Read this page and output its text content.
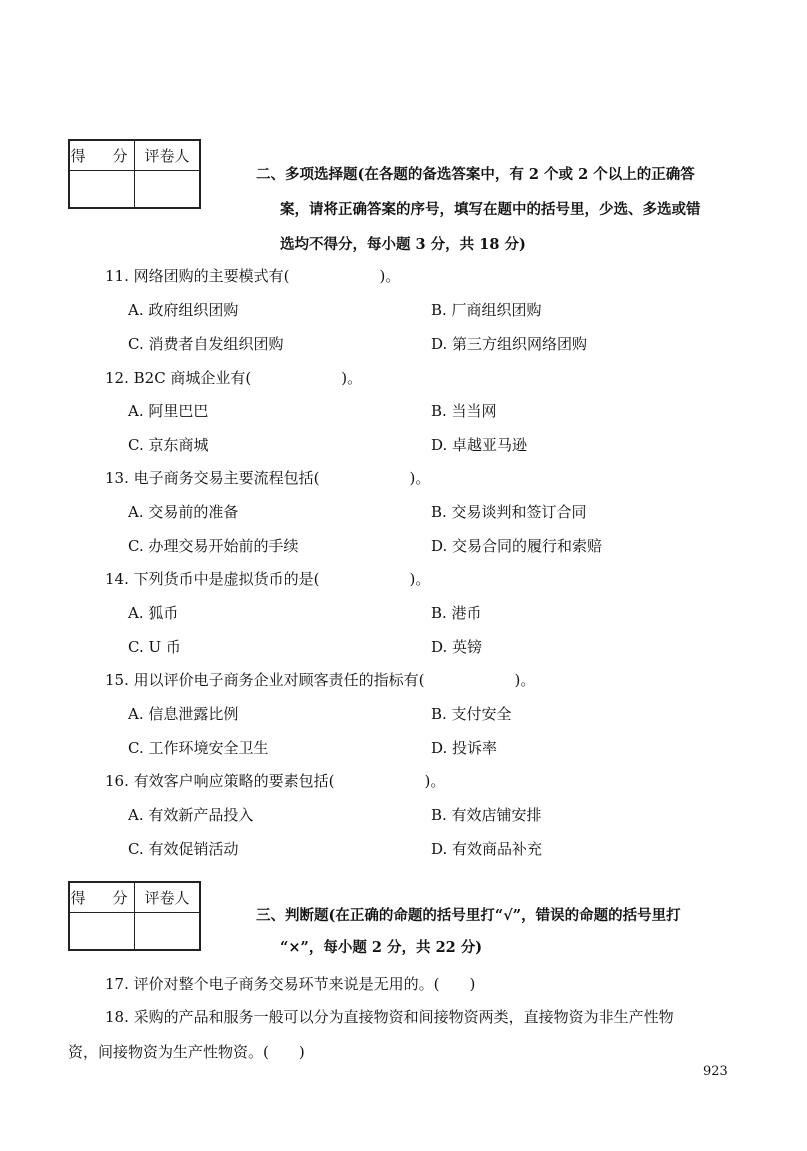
得　分	评卷人

二、多项选择题(在各题的备选答案中，有 2 个或 2 个以上的正确答
案，请将正确答案的序号，填写在题中的括号里，少选、多选或错
选均不得分，每小题 3 分，共 18 分)
11. 网络团购的主要模式有(　　　　　　)。
A. 政府组织团购	B. 厂商组织团购
C. 消费者自发组织团购	D. 第三方组织网络团购
12. B2C 商城企业有(　　　　　　)。
A. 阿里巴巴	B. 当当网
C. 京东商城	D. 卓越亚马逊
13. 电子商务交易主要流程包括(　　　　　　)。
A. 交易前的准备	B. 交易谈判和签订合同
C. 办理交易开始前的手续	D. 交易合同的履行和索赔
14. 下列货币中是虚拟货币的是(　　　　　　)。
A. 狐币	B. 港币
C. U 币	D. 英镑
15. 用以评价电子商务企业对顾客责任的指标有(　　　　　　)。
A. 信息泄露比例	B. 支付安全
C. 工作环境安全卫生	D. 投诉率
16. 有效客户响应策略的要素包括(　　　　　　)。
A. 有效新产品投入	B. 有效店铺安排
C. 有效促销活动	D. 有效商品补充
得　分	评卷人

三、判断题(在正确的命题的括号里打“√”，错误的命题的括号里打
“×”，每小题 2 分，共 22 分)
17. 评价对整个电子商务交易环节来说是无用的。(　　)
18. 采购的产品和服务一般可以分为直接物资和间接物资两类，直接物资为非生产性物
资，间接物资为生产性物资。(　　)
923
